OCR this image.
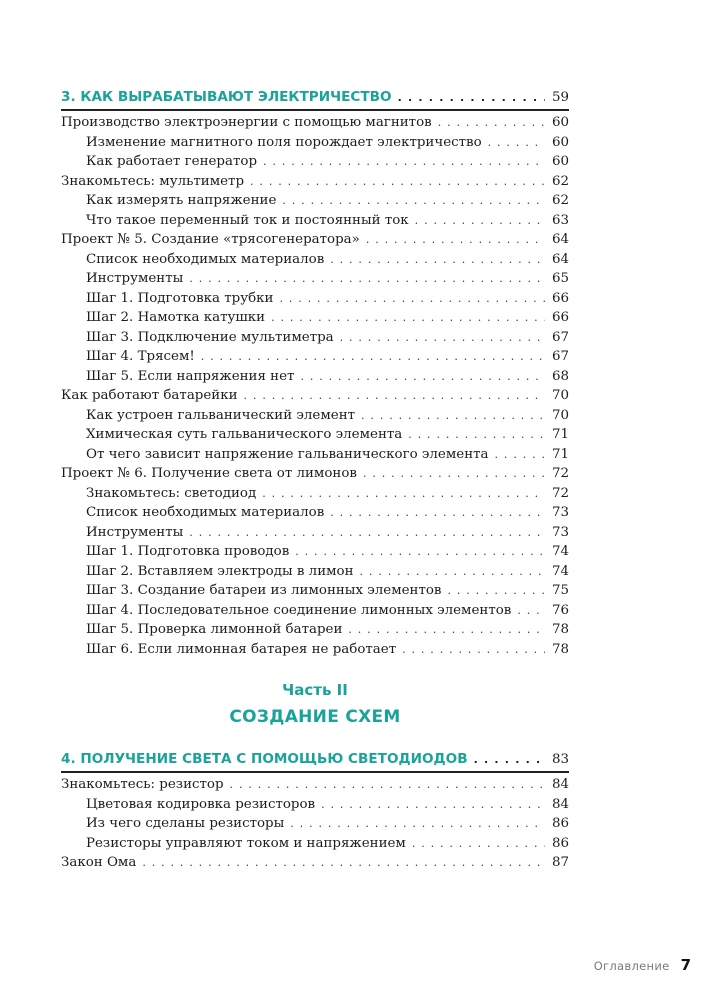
3. КАК ВЫРАБАТЫВАЮТ ЭЛЕКТРИЧЕСТВО . . .	59
Производство электроэнергии с помощью магнитов . . .	60
Изменение магнитного поля порождает электричество . . .	60
Как работает генератор . . .	60
Знакомьтесь: мультиметр . . .	62
Как измерять напряжение . . .	62
Что такое переменный ток и постоянный ток . . .	63
Проект № 5. Создание «трясогенератора» . . .	64
Список необходимых материалов . . .	64
Инструменты . . .	65
Шаг 1. Подготовка трубки . . .	66
Шаг 2. Намотка катушки . . .	66
Шаг 3. Подключение мультиметра . . .	67
Шаг 4. Трясем! . . .	67
Шаг 5. Если напряжения нет . . .	68
Как работают батарейки . . .	70
Как устроен гальванический элемент . . .	70
Химическая суть гальванического элемента . . .	71
От чего зависит напряжение гальванического элемента . . .	71
Проект № 6. Получение света от лимонов . . .	72
Знакомьтесь: светодиод . . .	72
Список необходимых материалов . . .	73
Инструменты . . .	73
Шаг 1. Подготовка проводов . . .	74
Шаг 2. Вставляем электроды в лимон . . .	74
Шаг 3. Создание батареи из лимонных элементов . . .	75
Шаг 4. Последовательное соединение лимонных элементов . . .	76
Шаг 5. Проверка лимонной батареи . . .	78
Шаг 6. Если лимонная батарея не работает . . .	78
4. ПОЛУЧЕНИЕ СВЕТА С ПОМОЩЬЮ СВЕТОДИОДОВ . . .	83
Знакомьтесь: резистор . . .	84
Цветовая кодировка резисторов . . .	84
Из чего сделаны резисторы . . .	86
Резисторы управляют током и напряжением . . .	86
Закон Ома . . .	87
Часть II
СОЗДАНИЕ СХЕМ
Оглавление 7
